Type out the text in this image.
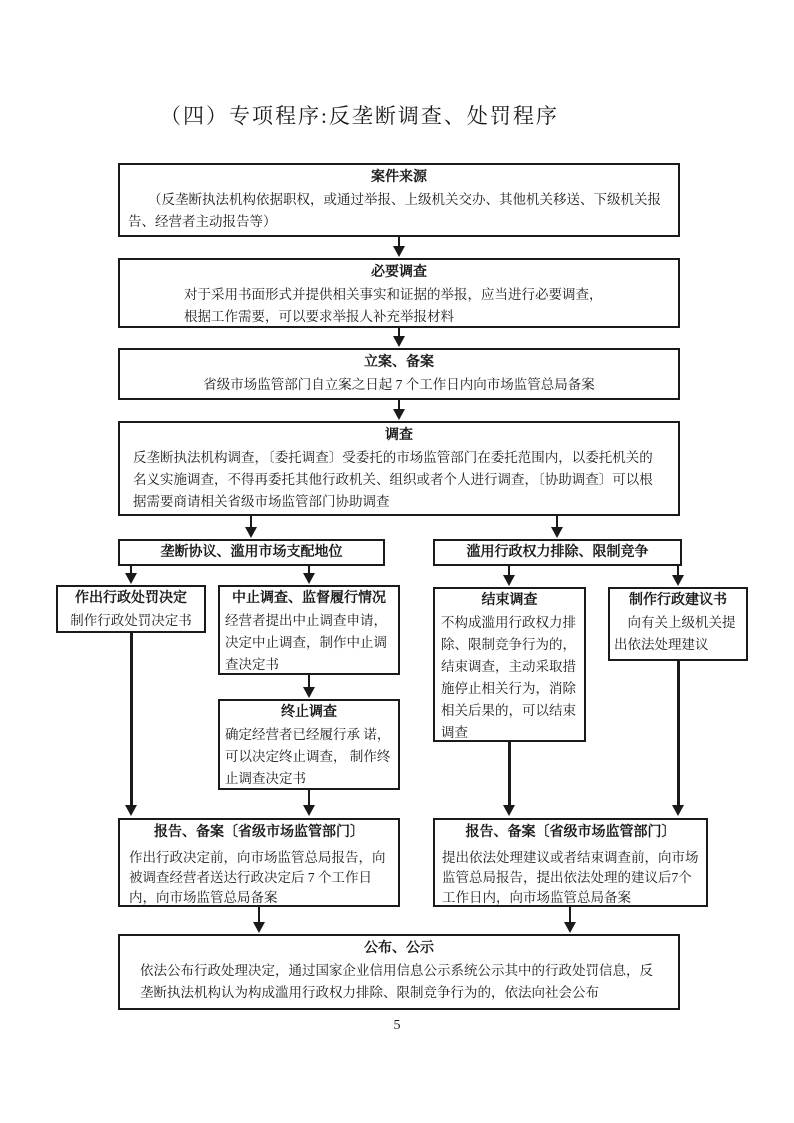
（四）专项程序:反垄断调查、处罚程序
案件来源
（反垄断执法机构依据职权，或通过举报、上级机关交办、其他机关移送、下级机关报告、经营者主动报告等）
必要调查
对于采用书面形式并提供相关事实和证据的举报，应当进行必要调查，
根据工作需要，可以要求举报人补充举报材料
立案、备案
省级市场监管部门自立案之日起 7 个工作日内向市场监管总局备案
调查
反垄断执法机构调查，〔委托调查〕受委托的市场监管部门在委托范围内，以委托机关的名义实施调查，不得再委托其他行政机关、组织或者个人进行调查，〔协助调查〕可以根据需要商请相关省级市场监管部门协助调查
垄断协议、滥用市场支配地位	滥用行政权力排除、限制竞争
作出行政处罚决定
制作行政处罚决定书
中止调查、监督履行情况
经营者提出中止调查申请，决定中止调查，制作中止调查决定书
结束调查
不构成滥用行政权力排除、限制竞争行为的，结束调查，主动采取措施停止相关行为，消除相关后果的，可以结束调查
制作行政建议书
向有关上级机关提出依法处理建议
终止调查
确定经营者已经履行承 诺，可以决定终止调查， 制作终止调查决定书
报告、备案〔省级市场监管部门〕
作出行政决定前，向市场监管总局报告，向被调查经营者送达行政决定后 7 个工作日内，向市场监管总局备案
报告、备案〔省级市场监管部门〕
提出依法处理建议或者结束调查前，向市场监管总局报告，提出依法处理的建议后7个工作日内，向市场监管总局备案
公布、公示
依法公布行政处理决定，通过国家企业信用信息公示系统公示其中的行政处罚信息，反垄断执法机构认为构成滥用行政权力排除、限制竞争行为的，依法向社会公布
5
